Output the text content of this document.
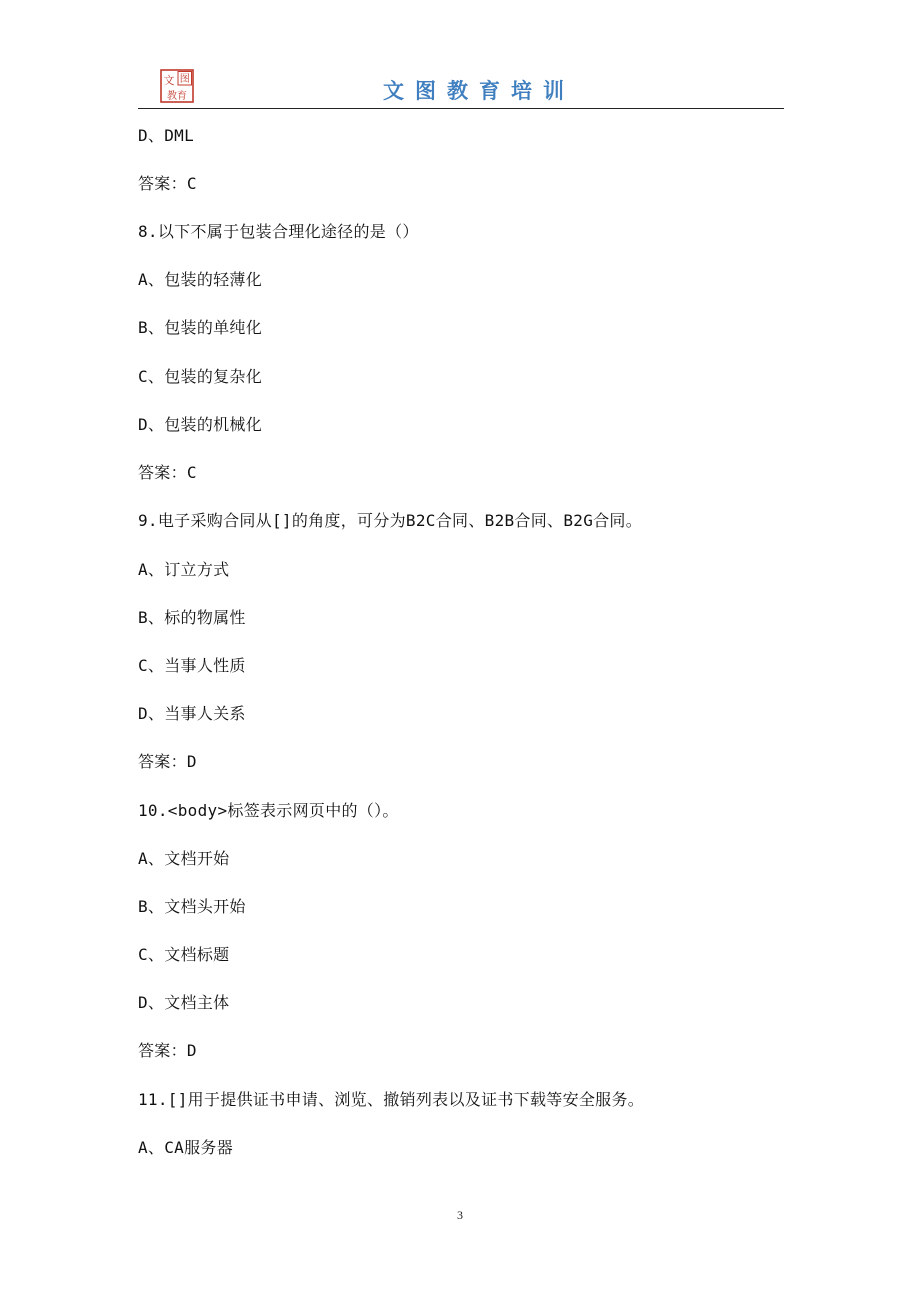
图
文
教育	文图教育培训
D、DML
答案：C
8.以下不属于包装合理化途径的是（）
A、包装的轻薄化
B、包装的单纯化
C、包装的复杂化
D、包装的机械化
答案：C
9.电子采购合同从[]的角度，可分为B2C合同、B2B合同、B2G合同。
A、订立方式
B、标的物属性
C、当事人性质
D、当事人关系
答案：D
10.<body>标签表示网页中的（）。
A、文档开始
B、文档头开始
C、文档标题
D、文档主体
答案：D
11.[]用于提供证书申请、浏览、撤销列表以及证书下载等安全服务。
A、CA服务器
3
